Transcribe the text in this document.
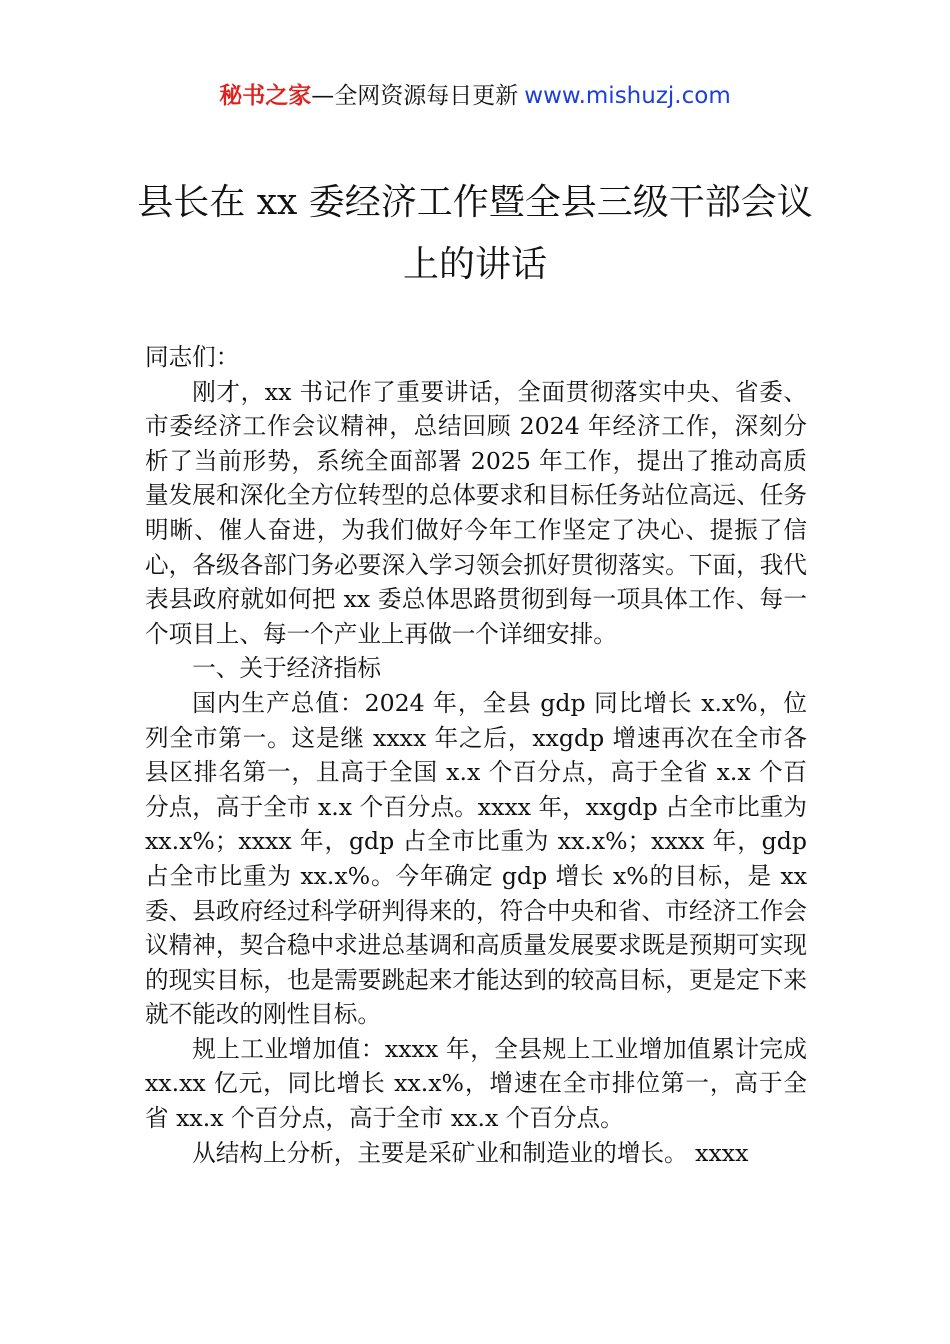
秘书之家—全网资源每日更新 www.mishuzj.com
县长在 xx 委经济工作暨全县三级干部会议上的讲话

同志们：

刚才，xx 书记作了重要讲话，全面贯彻落实中央、省委、市委经济工作会议精神，总结回顾 2024 年经济工作，深刻分析了当前形势，系统全面部署 2025 年工作，提出了推动高质量发展和深化全方位转型的总体要求和目标任务站位高远、任务明晰、催人奋进，为我们做好今年工作坚定了决心、提振了信心，各级各部门务必要深入学习领会抓好贯彻落实。下面，我代表县政府就如何把 xx 委总体思路贯彻到每一项具体工作、每一个项目上、每一个产业上再做一个详细安排。

一、关于经济指标

国内生产总值：2024 年，全县 gdp 同比增长 x.x%，位列全市第一。这是继 xxxx 年之后，xxgdp 增速再次在全市各县区排名第一，且高于全国 x.x 个百分点，高于全省 x.x 个百分点，高于全市 x.x 个百分点。xxxx 年，xxgdp 占全市比重为 xx.x%；xxxx 年，gdp 占全市比重为 xx.x%；xxxx 年，gdp 占全市比重为 xx.x%。今年确定 gdp 增长 x%的目标，是 xx 委、县政府经过科学研判得来的，符合中央和省、市经济工作会议精神，契合稳中求进总基调和高质量发展要求既是预期可实现的现实目标，也是需要跳起来才能达到的较高目标，更是定下来就不能改的刚性目标。

规上工业增加值：xxxx 年，全县规上工业增加值累计完成 xx.xx 亿元，同比增长 xx.x%，增速在全市排位第一，高于全省 xx.x 个百分点，高于全市 xx.x 个百分点。

从结构上分析，主要是采矿业和制造业的增长。 xxxx
